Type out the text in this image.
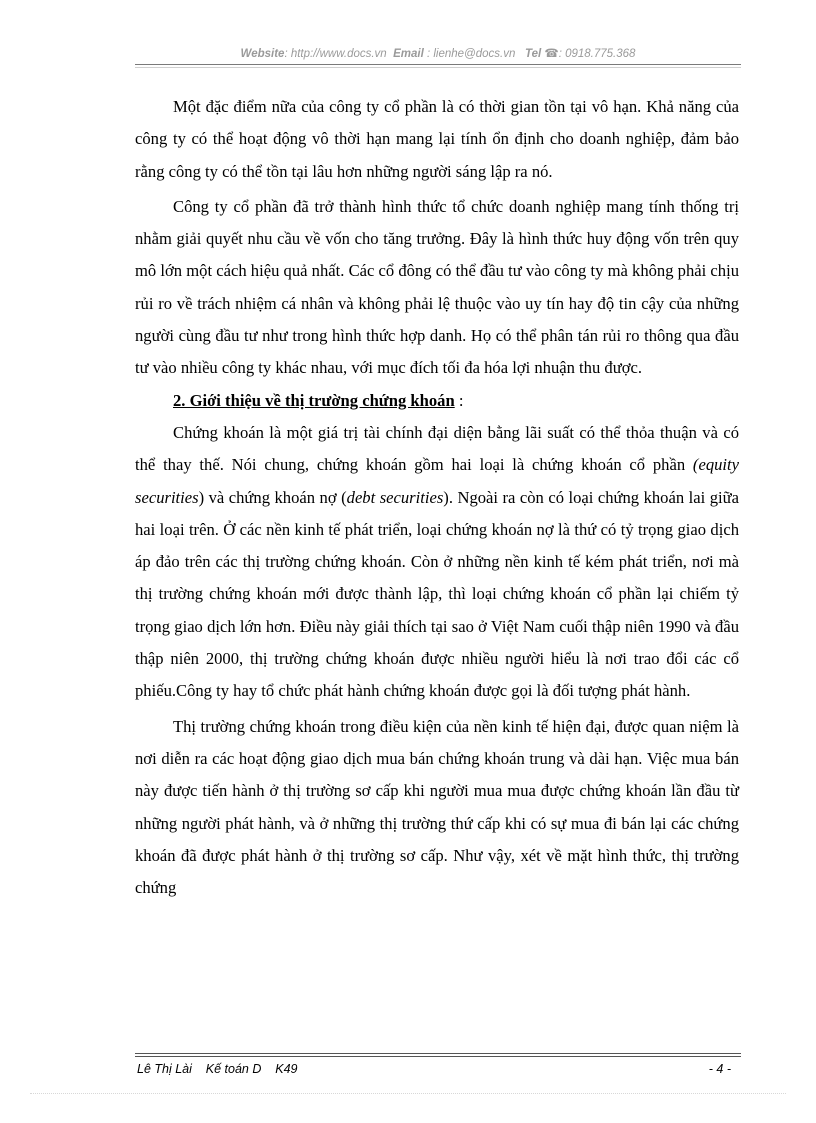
Website: http://www.docs.vn Email : lienhe@docs.vn Tel ☎: 0918.775.368

Một đặc điểm nữa của công ty cổ phần là có thời gian tồn tại vô hạn. Khả năng của công ty có thể hoạt động vô thời hạn mang lại tính ổn định cho doanh nghiệp, đảm bảo rằng công ty có thể tồn tại lâu hơn những người sáng lập ra nó.

Công ty cổ phần đã trở thành hình thức tổ chức doanh nghiệp mang tính thống trị nhằm giải quyết nhu cầu về vốn cho tăng trưởng. Đây là hình thức huy động vốn trên quy mô lớn một cách hiệu quả nhất. Các cổ đông có thể đầu tư vào công ty mà không phải chịu rủi ro về trách nhiệm cá nhân và không phải lệ thuộc vào uy tín hay độ tin cậy của những người cùng đầu tư như trong hình thức hợp danh. Họ có thể phân tán rủi ro thông qua đầu tư vào nhiều công ty khác nhau, với mục đích tối đa hóa lợi nhuận thu được.

2. Giới thiệu về thị trường chứng khoán :

Chứng khoán là một giá trị tài chính đại diện bằng lãi suất có thể thỏa thuận và có thể thay thế. Nói chung, chứng khoán gồm hai loại là chứng khoán cổ phần (equity securities) và chứng khoán nợ (debt securities). Ngoài ra còn có loại chứng khoán lai giữa hai loại trên. Ở các nền kinh tế phát triển, loại chứng khoán nợ là thứ có tỷ trọng giao dịch áp đảo trên các thị trường chứng khoán. Còn ở những nền kinh tế kém phát triển, nơi mà thị trường chứng khoán mới được thành lập, thì loại chứng khoán cổ phần lại chiếm tỷ trọng giao dịch lớn hơn. Điều này giải thích tại sao ở Việt Nam cuối thập niên 1990 và đầu thập niên 2000, thị trường chứng khoán được nhiều người hiểu là nơi trao đổi các cổ phiếu.Công ty hay tổ chức phát hành chứng khoán được gọi là đối tượng phát hành.

Thị trường chứng khoán trong điều kiện của nền kinh tế hiện đại, được quan niệm là nơi diễn ra các hoạt động giao dịch mua bán chứng khoán trung và dài hạn. Việc mua bán này được tiến hành ở thị trường sơ cấp khi người mua mua được chứng khoán lần đầu từ những người phát hành, và ở những thị trường thứ cấp khi có sự mua đi bán lại các chứng khoán đã được phát hành ở thị trường sơ cấp. Như vậy, xét về mặt hình thức, thị trường chứng

Lê Thị Lài    Kế toán D    K49	- 4 -
